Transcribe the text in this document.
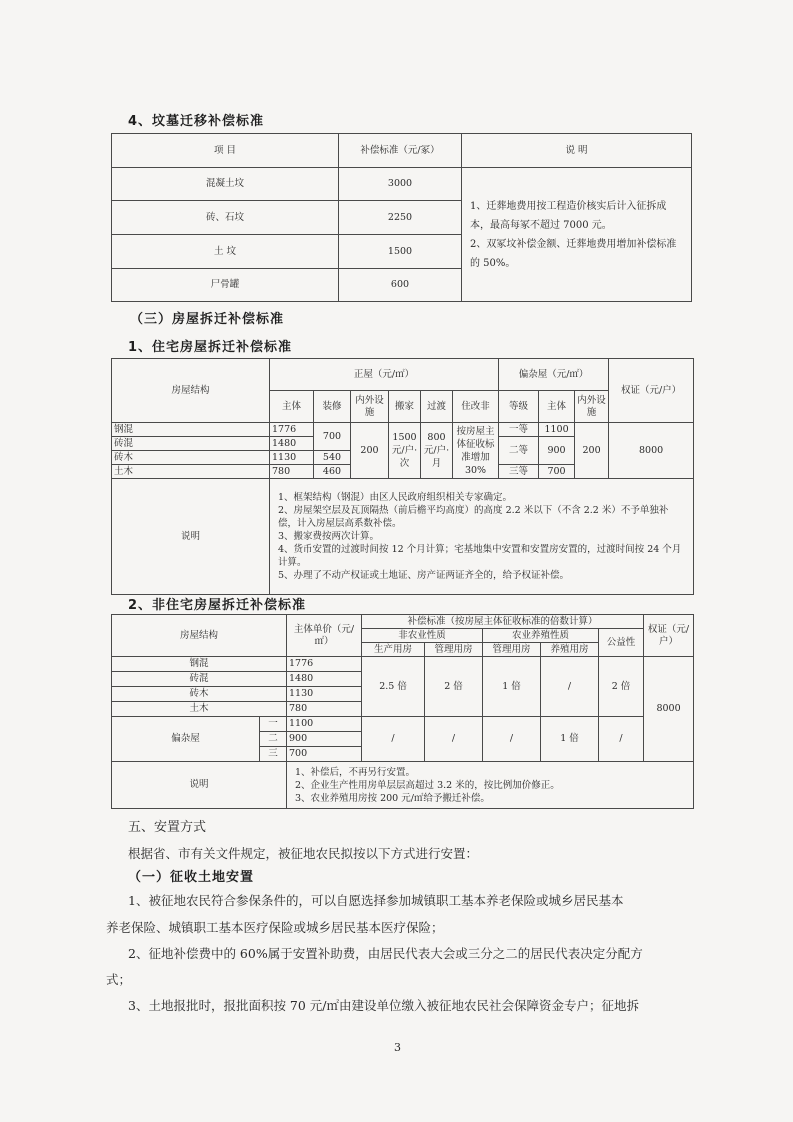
4、坟墓迁移补偿标准
项 目	补偿标准（元/冢）	说 明
混凝土坟	3000	1、迁葬地费用按工程造价核实后计入征拆成本，最高每冢不超过 7000 元。
2、双冢坟补偿金额、迁葬地费用增加补偿标准的 50%。

砖、石坟	2250	
土 坟	1500	
尸骨罐	600	
（三）房屋拆迁补偿标准
1、住宅房屋拆迁补偿标准
房屋结构	正屋（元/㎡）						偏杂屋（元/㎡）			权证（元/户）
	主体	装修	内外设施	搬家	过渡	住改非	等级	主体	内外设施	
钢混	1776	700	200	1500元/户·次	800元/户·月	按房屋主体征收标准增加30%	一等	1100	200	8000
砖混	1480						二等	900		
砖木	1130	540								
土木	780	460					三等	700		
说明	1、框架结构（钢混）由区人民政府组织相关专家确定。
2、房屋架空层及瓦顶隔热（前后檐平均高度）的高度 2.2 米以下（不含 2.2 米）不予单独补偿，计入房屋层高系数补偿。
3、搬家费按两次计算。
4、货币安置的过渡时间按 12 个月计算；宅基地集中安置和安置房安置的，过渡时间按 24 个月计算。
5、办理了不动产权证或土地证、房产证两证齐全的，给予权证补偿。									
2、非住宅房屋拆迁补偿标准
房屋结构		主体单价（元/㎡）	补偿标准（按房屋主体征收标准的倍数计算）					权证（元/户）
			非农业性质		农业养殖性质		公益性	
			生产用房	管理用房	管理用房	养殖用房		
钢混		1776	2.5 倍	2 倍	1 倍	/	2 倍	8000
砖混		1480						
砖木		1130						
土木		780						
偏杂屋	一	1100	/	/	/	1 倍	/	
	二	900						
	三	700						
说明		1、补偿后，不再另行安置。
2、企业生产性用房单层层高超过 3.2 米的，按比例加价修正。
3、农业养殖用房按 200 元/㎡给予搬迁补偿。						
五、安置方式
根据省、市有关文件规定，被征地农民拟按以下方式进行安置：
（一）征收土地安置
1、被征地农民符合参保条件的，可以自愿选择参加城镇职工基本养老保险或城乡居民基本
养老保险、城镇职工基本医疗保险或城乡居民基本医疗保险；
2、征地补偿费中的 60%属于安置补助费，由居民代表大会或三分之二的居民代表决定分配方
式；
3、土地报批时，报批面积按 70 元/㎡由建设单位缴入被征地农民社会保障资金专户；征地拆
3
